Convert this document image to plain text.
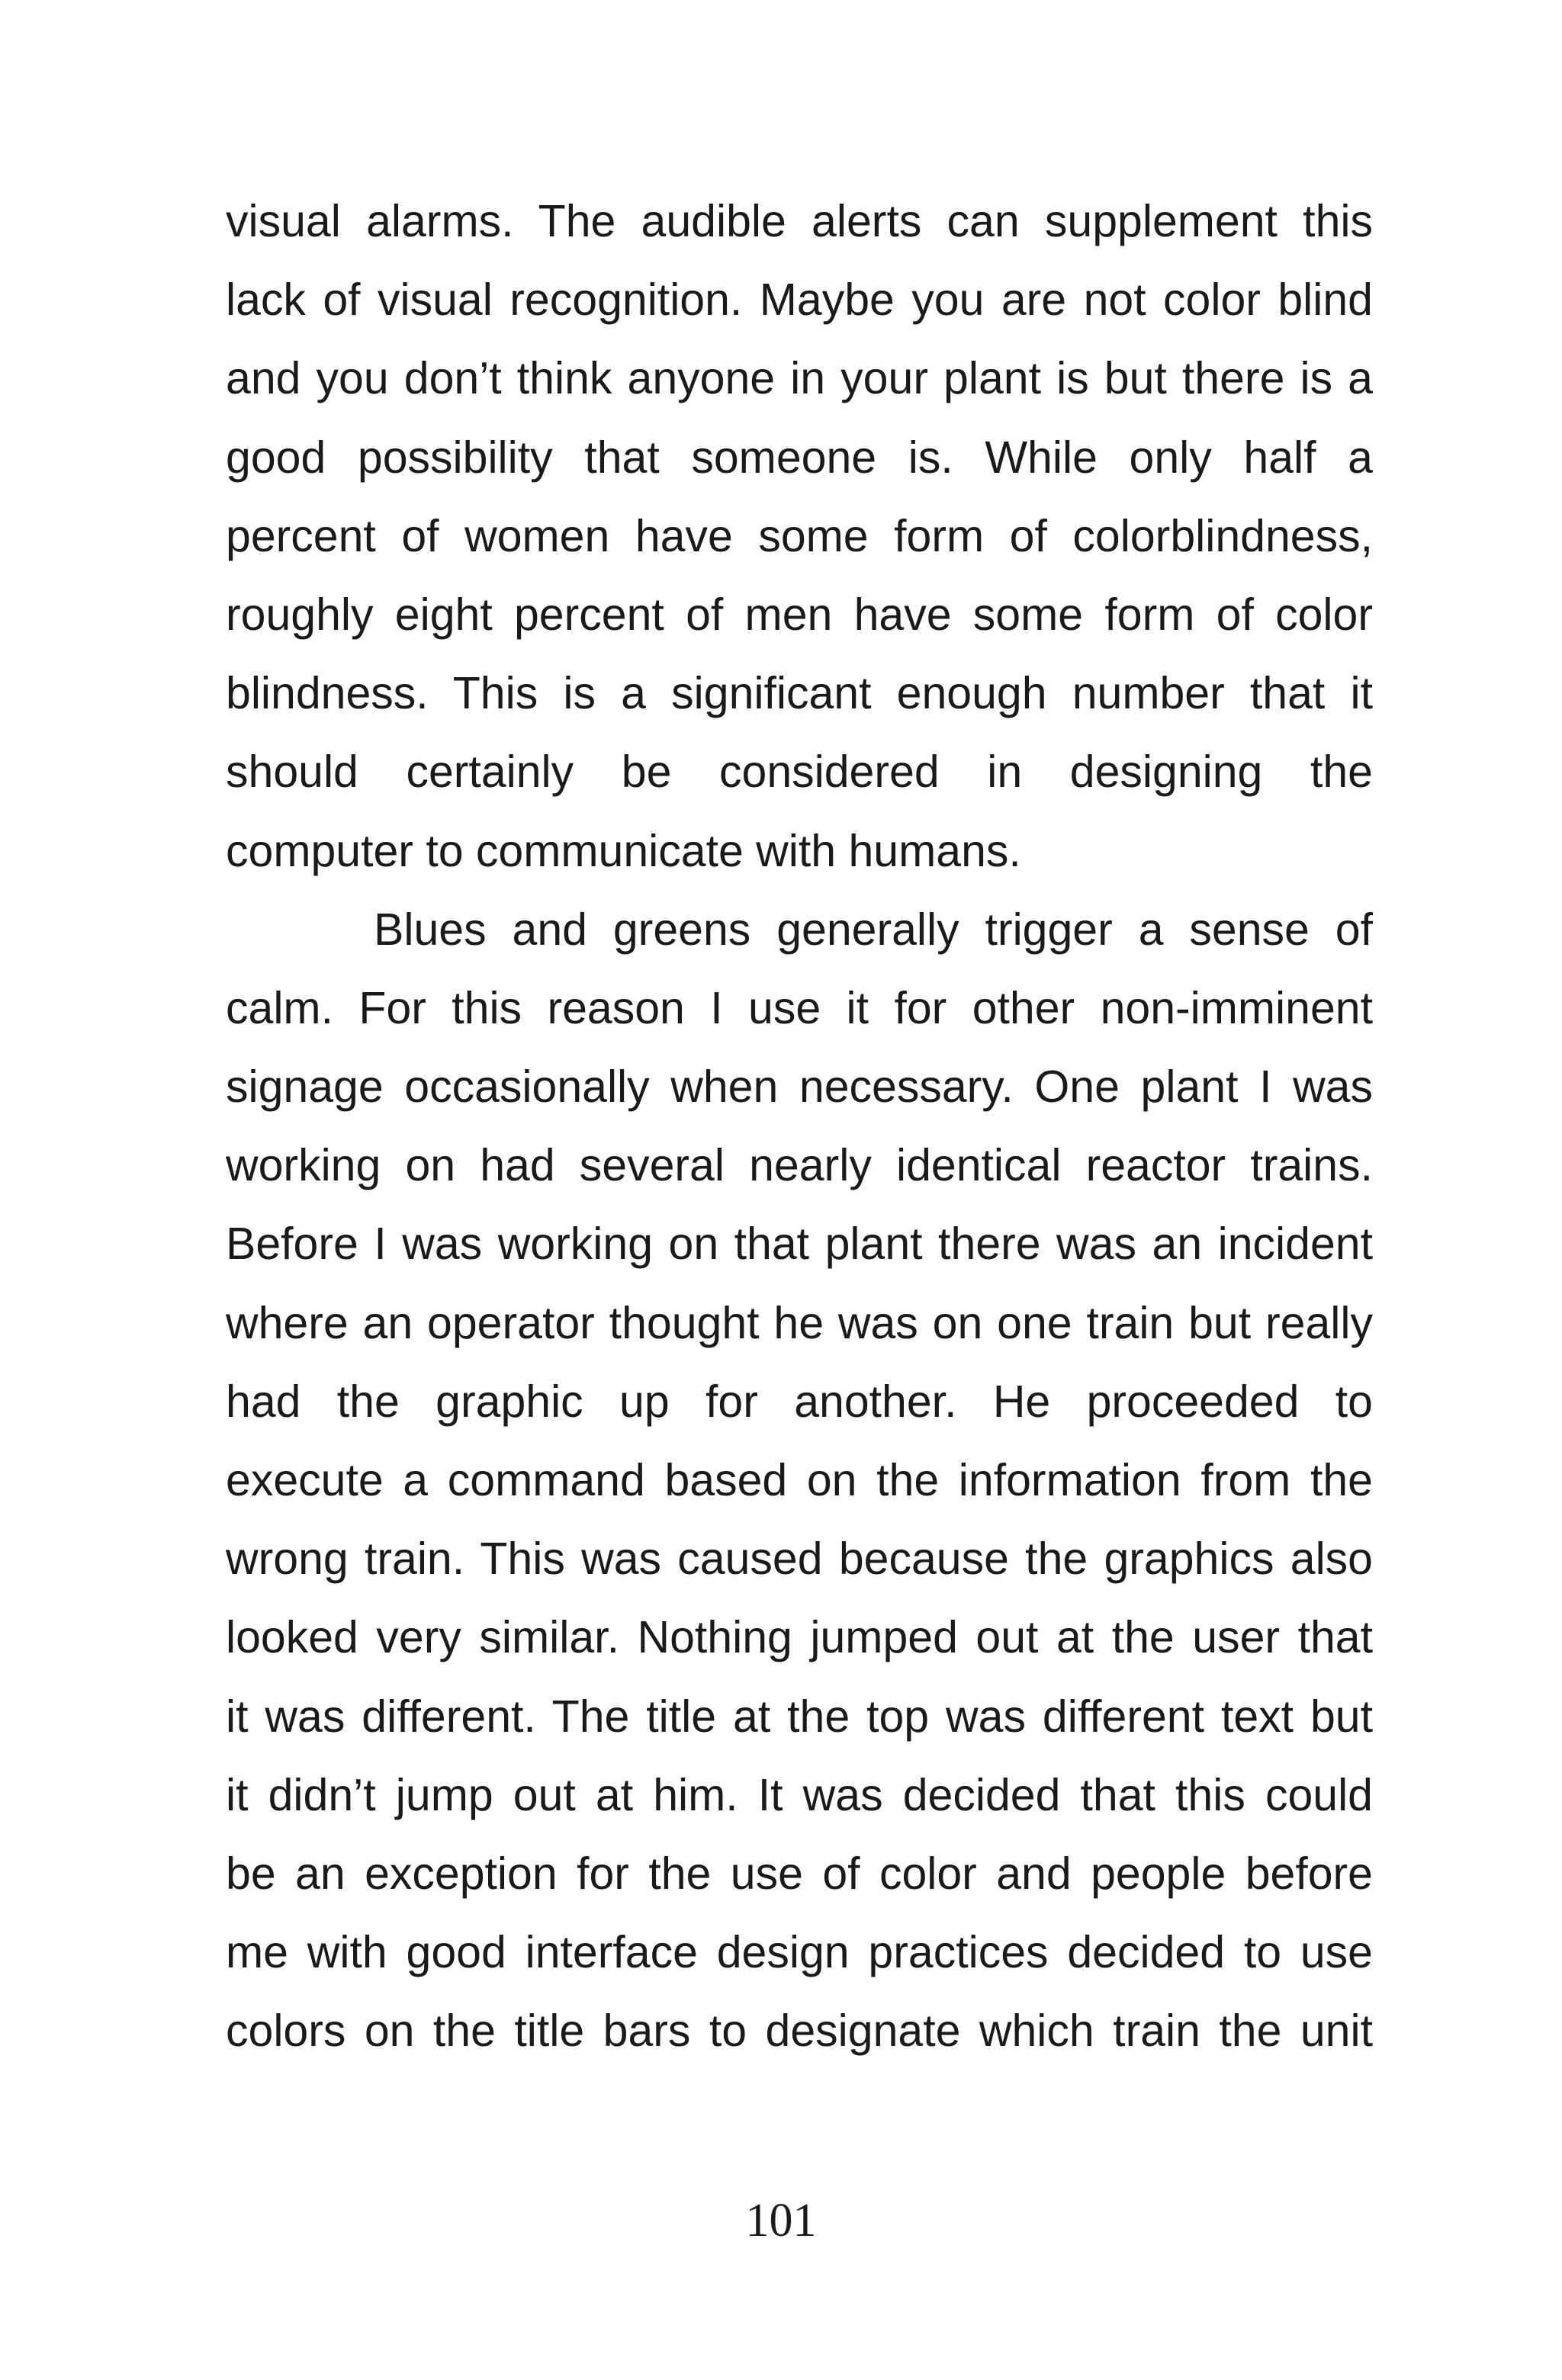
visual alarms. The audible alerts can supplement this
lack of visual recognition. Maybe you are not color blind
and you don’t think anyone in your plant is but there is a
good possibility that someone is. While only half a
percent of women have some form of colorblindness,
roughly eight percent of men have some form of color
blindness. This is a significant enough number that it
should certainly be considered in designing the
computer to communicate with humans.
Blues and greens generally trigger a sense of
calm. For this reason I use it for other non-imminent
signage occasionally when necessary. One plant I was
working on had several nearly identical reactor trains.
Before I was working on that plant there was an incident
where an operator thought he was on one train but really
had the graphic up for another. He proceeded to
execute a command based on the information from the
wrong train. This was caused because the graphics also
looked very similar. Nothing jumped out at the user that
it was different. The title at the top was different text but
it didn’t jump out at him. It was decided that this could
be an exception for the use of color and people before
me with good interface design practices decided to use
colors on the title bars to designate which train the unit
101
